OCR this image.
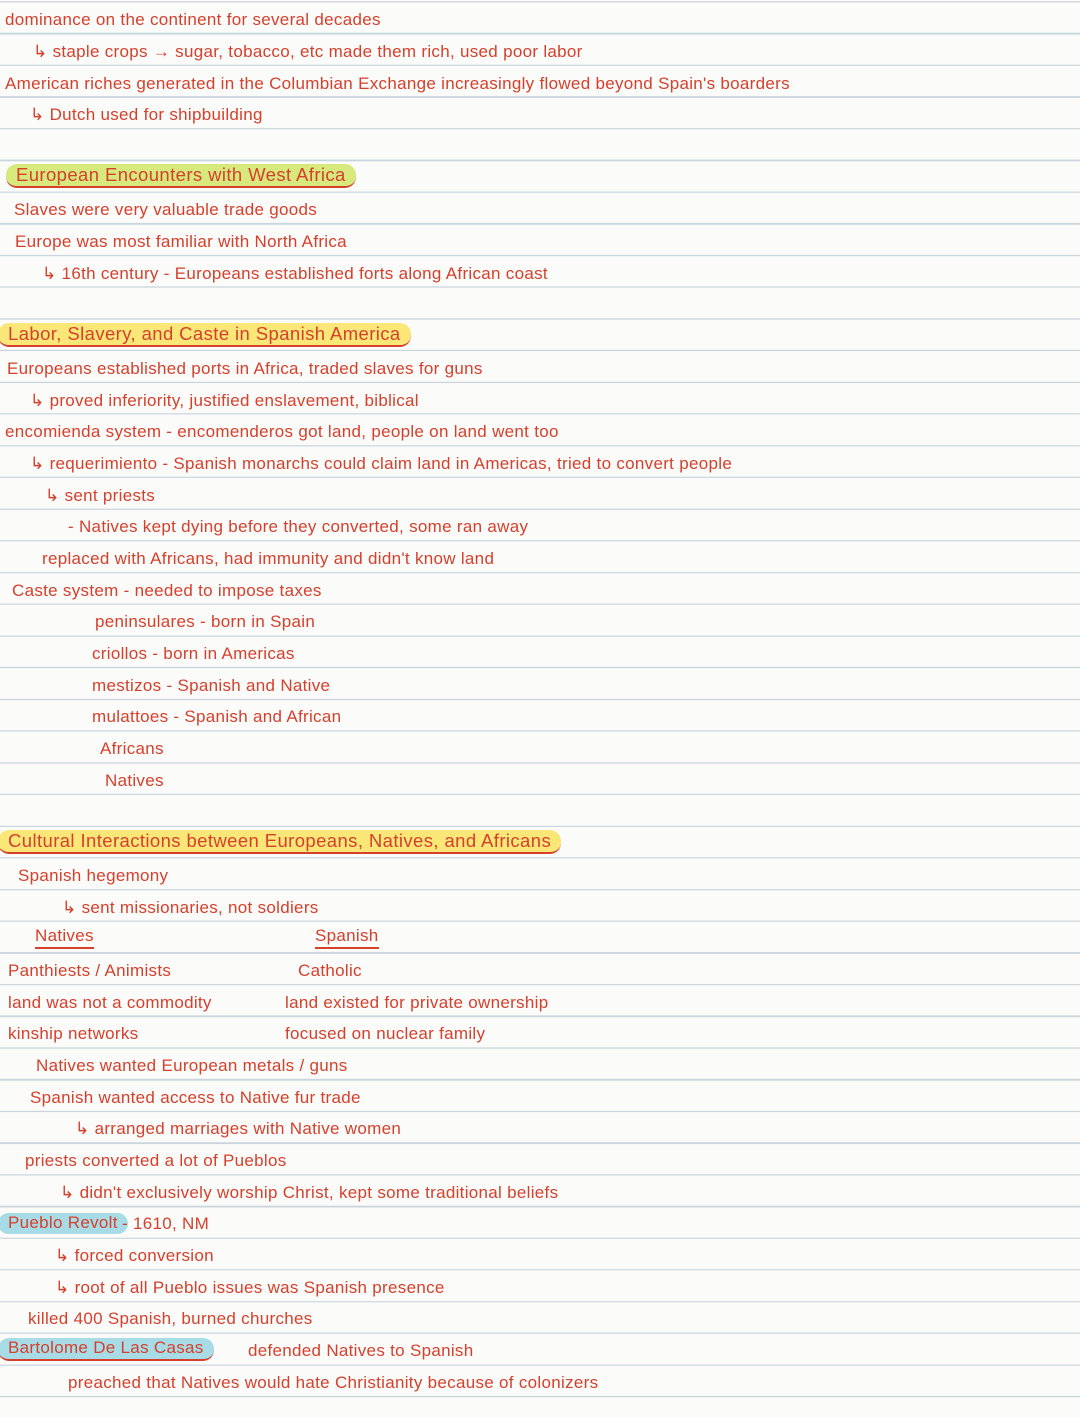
dominance on the continent for several decades
↳ staple crops → sugar, tobacco, etc made them rich, used poor labor
American riches generated in the Columbian Exchange increasingly flowed beyond Spain's boarders
↳ Dutch used for shipbuilding
European Encounters with West Africa
Slaves were very valuable trade goods
Europe was most familiar with North Africa
↳ 16th century - Europeans established forts along African coast
Labor, Slavery, and Caste in Spanish America
Europeans established ports in Africa, traded slaves for guns
↳ proved inferiority, justified enslavement, biblical
encomienda system - encomenderos got land, people on land went too
↳ requerimiento - Spanish monarchs could claim land in Americas, tried to convert people
↳ sent priests
- Natives kept dying before they converted, some ran away
replaced with Africans, had immunity and didn't know land
Caste system - needed to impose taxes
peninsulares - born in Spain
criollos - born in Americas
mestizos - Spanish and Native
mulattoes - Spanish and African
Africans
Natives
Cultural Interactions between Europeans, Natives, and Africans
Spanish hegemony
↳ sent missionaries, not soldiers
Natives	Spanish
Panthiests / Animists	Catholic
land was not a commodity	land existed for private ownership
kinship networks	focused on nuclear family
Natives wanted European metals / guns
Spanish wanted access to Native fur trade
↳ arranged marriages with Native women
priests converted a lot of Pueblos
↳ didn't exclusively worship Christ, kept some traditional beliefs
Pueblo Revolt - 1610, NM
↳ forced conversion
↳ root of all Pueblo issues was Spanish presence
killed 400 Spanish, burned churches
Bartolome De Las Casas	defended Natives to Spanish
preached that Natives would hate Christianity because of colonizers
